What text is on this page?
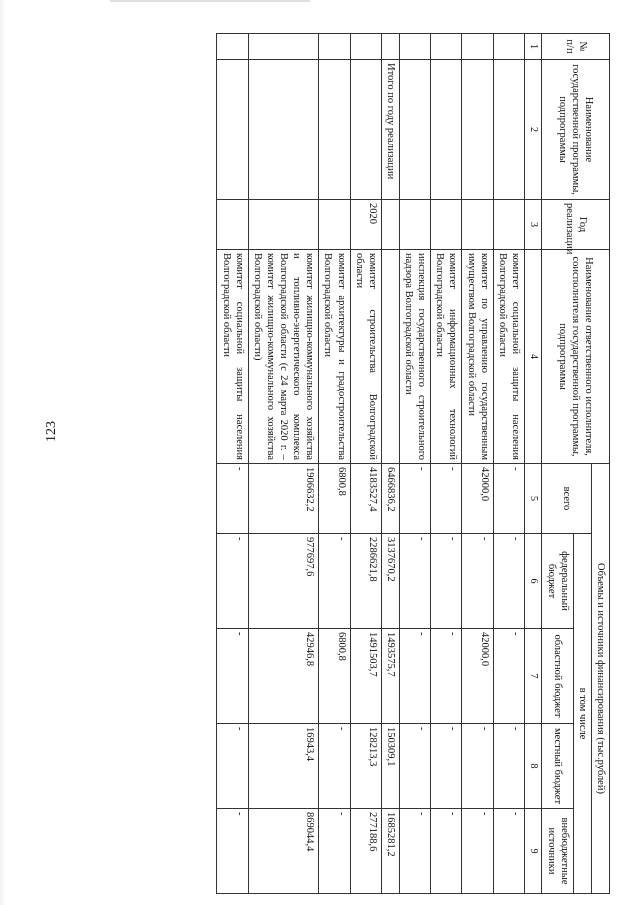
123
№ п/п	Наименование государственной программы, подпрограммы	Год реализации	Наименование ответственного исполнителя, соисполнителя государственной программы, подпрограммы	Объемы и источники финансирования (тыс.рублей)				
				всего	в том числе			
					федеральный бюджет	областной бюджет	местный бюджет	внебюджетные источники
1	2	3	4	5	6	7	8	9
			комитет социальной защиты населения Волгоградской области	-	-	-	-	-
			комитет по управлению государственным имуществом Волгоградской области	42000,0	-	42000,0	-	-
			комитет информационных технологий Волгоградской области	-	-	-	-	-
			инспекция государственного строительного надзора Волгоградской области	-	-	-	-	-
	Итого по году реализации			6466836,2	3137670,2	1493575,7	150309,1	1685281,2
		2020	комитет строительства Волгоградской области	4183527,4	2286621,8	1491503,7	128213,3	277188,6
			комитет архитектуры и градостроительства Волгоградской области	6800,8	-	6800,8	-	-
			комитет жилищно-коммунального хозяйства и топливно-энергетического комплекса Волгоградской области (с 24 марта 2020 г. – комитет жилищно-коммунального хозяйства Волгоградской области)	1906632,2	977697,6	42946,8	16943,4	869044,4
			комитет социальной защиты населения Волгоградской области	-	-	-	-	-
